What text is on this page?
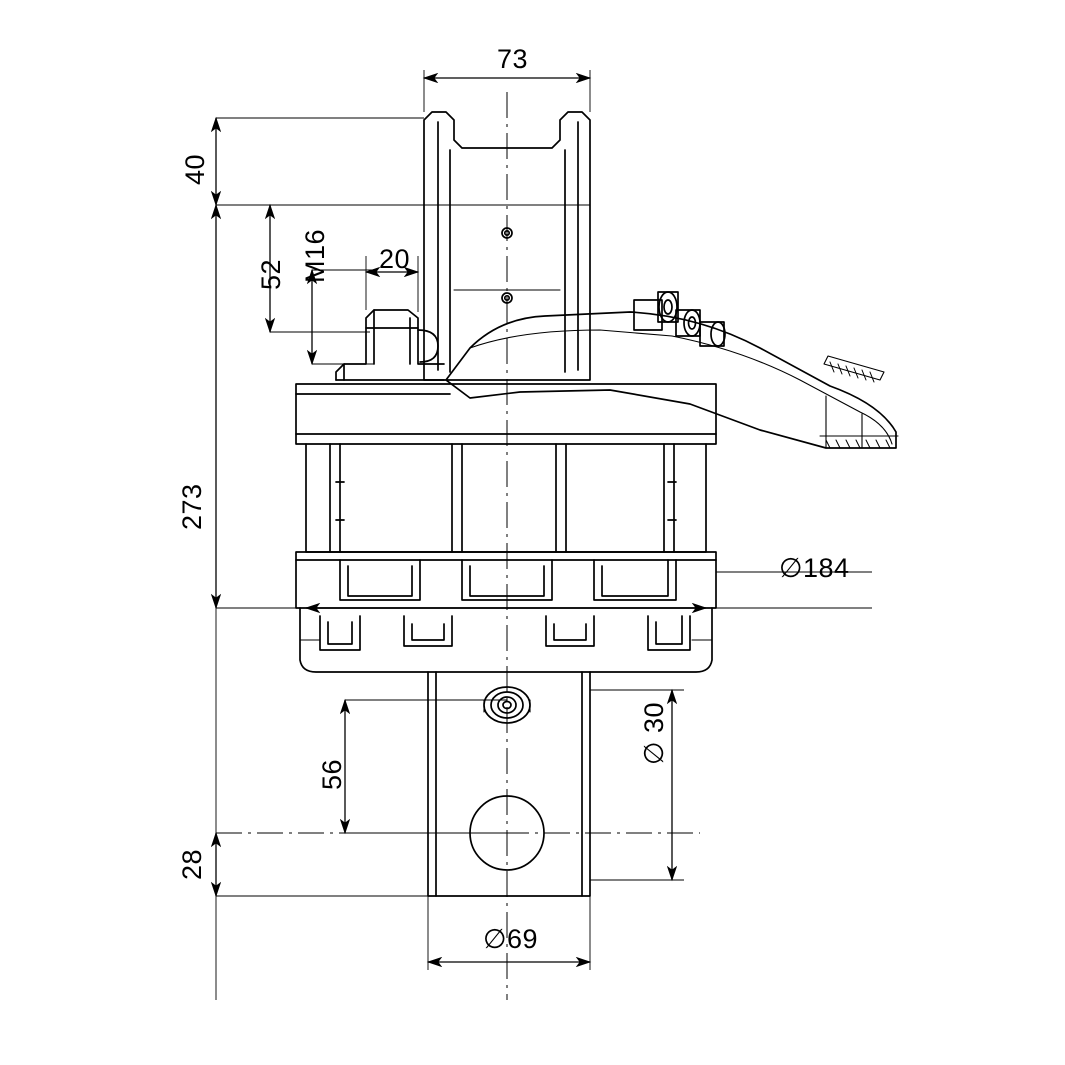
73
40
52 M16 20
273
∅184
∅ 30
56
28
∅69
